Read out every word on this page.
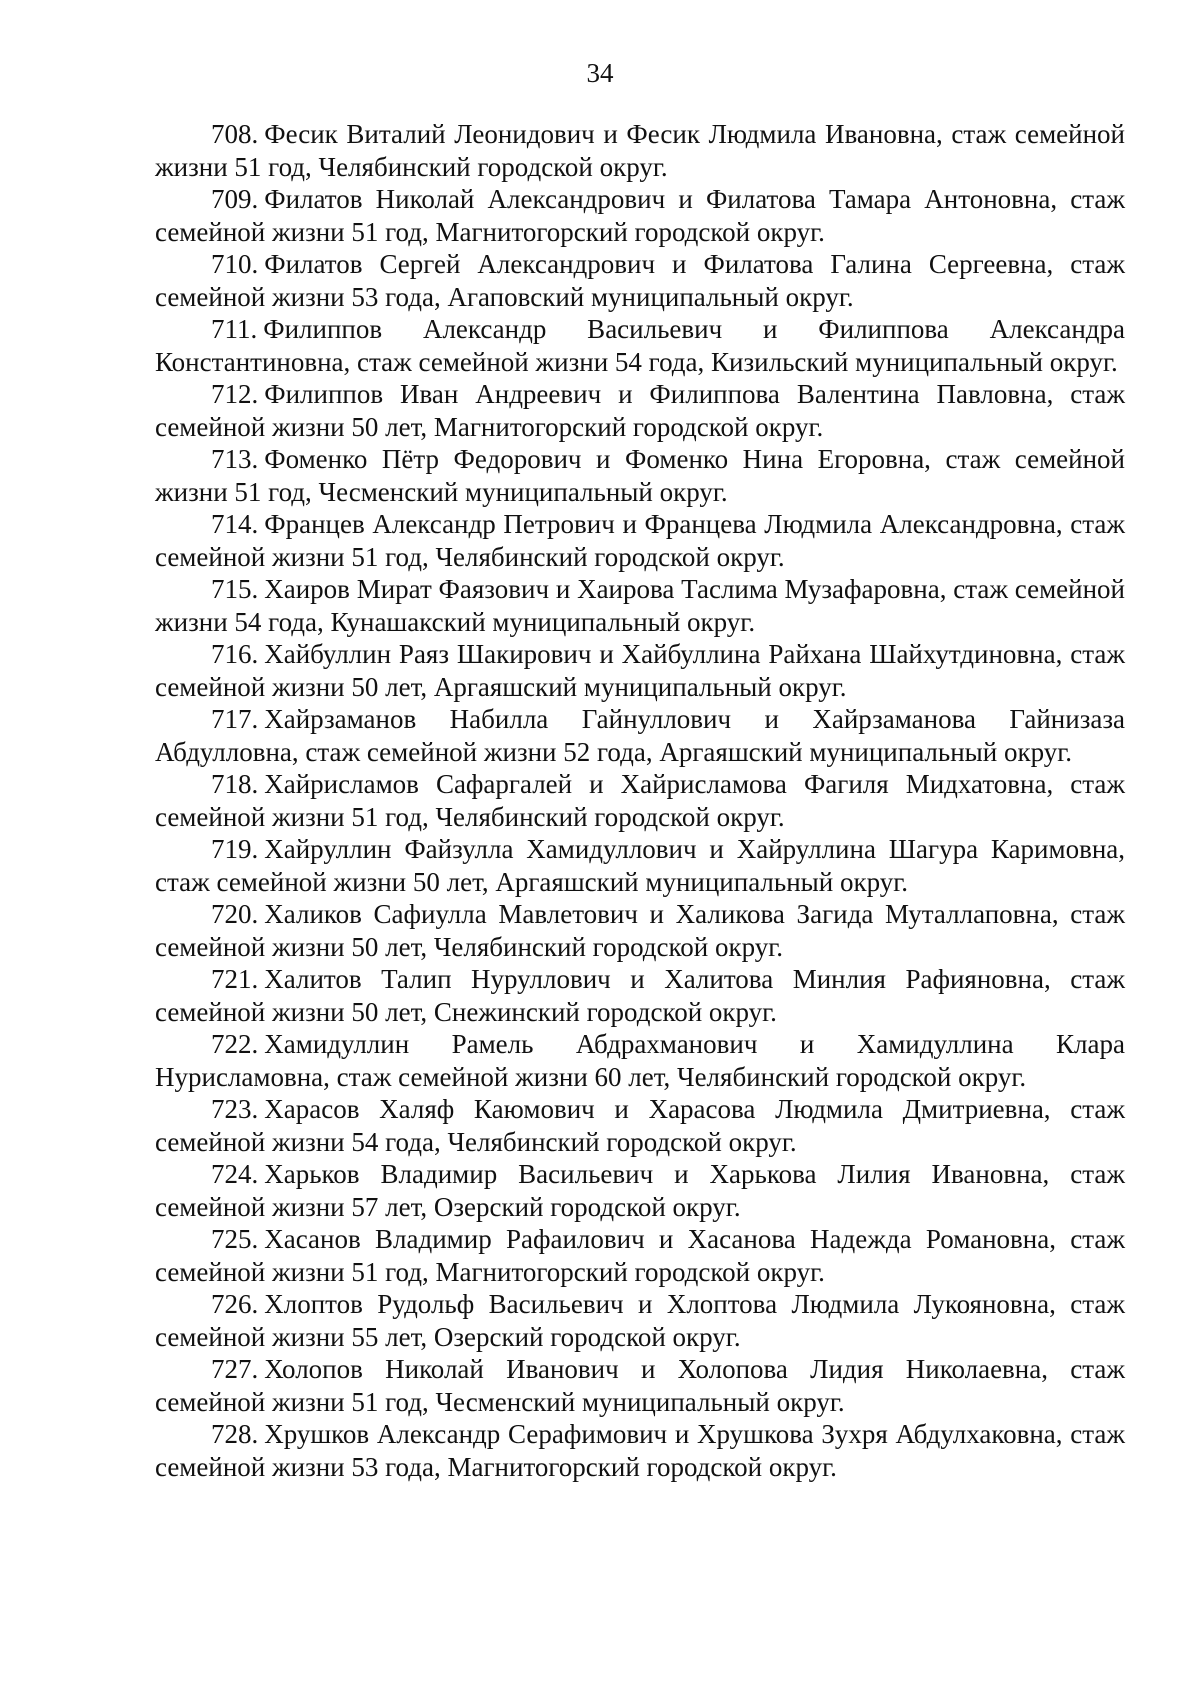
34
708. Фесик Виталий Леонидович и Фесик Людмила Ивановна, стаж семейной жизни 51 год, Челябинский городской округ.
709. Филатов Николай Александрович и Филатова Тамара Антоновна, стаж семейной жизни 51 год, Магнитогорский городской округ.
710. Филатов Сергей Александрович и Филатова Галина Сергеевна, стаж семейной жизни 53 года, Агаповский муниципальный округ.
711. Филиппов Александр Васильевич и Филиппова Александра Константиновна, стаж семейной жизни 54 года, Кизильский муниципальный округ.
712. Филиппов Иван Андреевич и Филиппова Валентина Павловна, стаж семейной жизни 50 лет, Магнитогорский городской округ.
713. Фоменко Пётр Федорович и Фоменко Нина Егоровна, стаж семейной жизни 51 год, Чесменский муниципальный округ.
714. Францев Александр Петрович и Францева Людмила Александровна, стаж семейной жизни 51 год, Челябинский городской округ.
715. Хаиров Мират Фаязович и Хаирова Таслима Музафаровна, стаж семейной жизни 54 года, Кунашакский муниципальный округ.
716. Хайбуллин Раяз Шакирович и Хайбуллина Райхана Шайхутдиновна, стаж семейной жизни 50 лет, Аргаяшский муниципальный округ.
717. Хайрзаманов Набилла Гайнуллович и Хайрзаманова Гайнизаза Абдулловна, стаж семейной жизни 52 года, Аргаяшский муниципальный округ.
718. Хайрисламов Сафаргалей и Хайрисламова Фагиля Мидхатовна, стаж семейной жизни 51 год, Челябинский городской округ.
719. Хайруллин Файзулла Хамидуллович и Хайруллина Шагура Каримовна, стаж семейной жизни 50 лет, Аргаяшский муниципальный округ.
720. Халиков Сафиулла Мавлетович и Халикова Загида Муталлаповна, стаж семейной жизни 50 лет, Челябинский городской округ.
721. Халитов Талип Нуруллович и Халитова Минлия Рафияновна, стаж семейной жизни 50 лет, Снежинский городской округ.
722. Хамидуллин Рамель Абдрахманович и Хамидуллина Клара Нурисламовна, стаж семейной жизни 60 лет, Челябинский городской округ.
723. Харасов Халяф Каюмович и Харасова Людмила Дмитриевна, стаж семейной жизни 54 года, Челябинский городской округ.
724. Харьков Владимир Васильевич и Харькова Лилия Ивановна, стаж семейной жизни 57 лет, Озерский городской округ.
725. Хасанов Владимир Рафаилович и Хасанова Надежда Романовна, стаж семейной жизни 51 год, Магнитогорский городской округ.
726. Хлоптов Рудольф Васильевич и Хлоптова Людмила Лукояновна, стаж семейной жизни 55 лет, Озерский городской округ.
727. Холопов Николай Иванович и Холопова Лидия Николаевна, стаж семейной жизни 51 год, Чесменский муниципальный округ.
728. Хрушков Александр Серафимович и Хрушкова Зухря Абдулхаковна, стаж семейной жизни 53 года, Магнитогорский городской округ.
